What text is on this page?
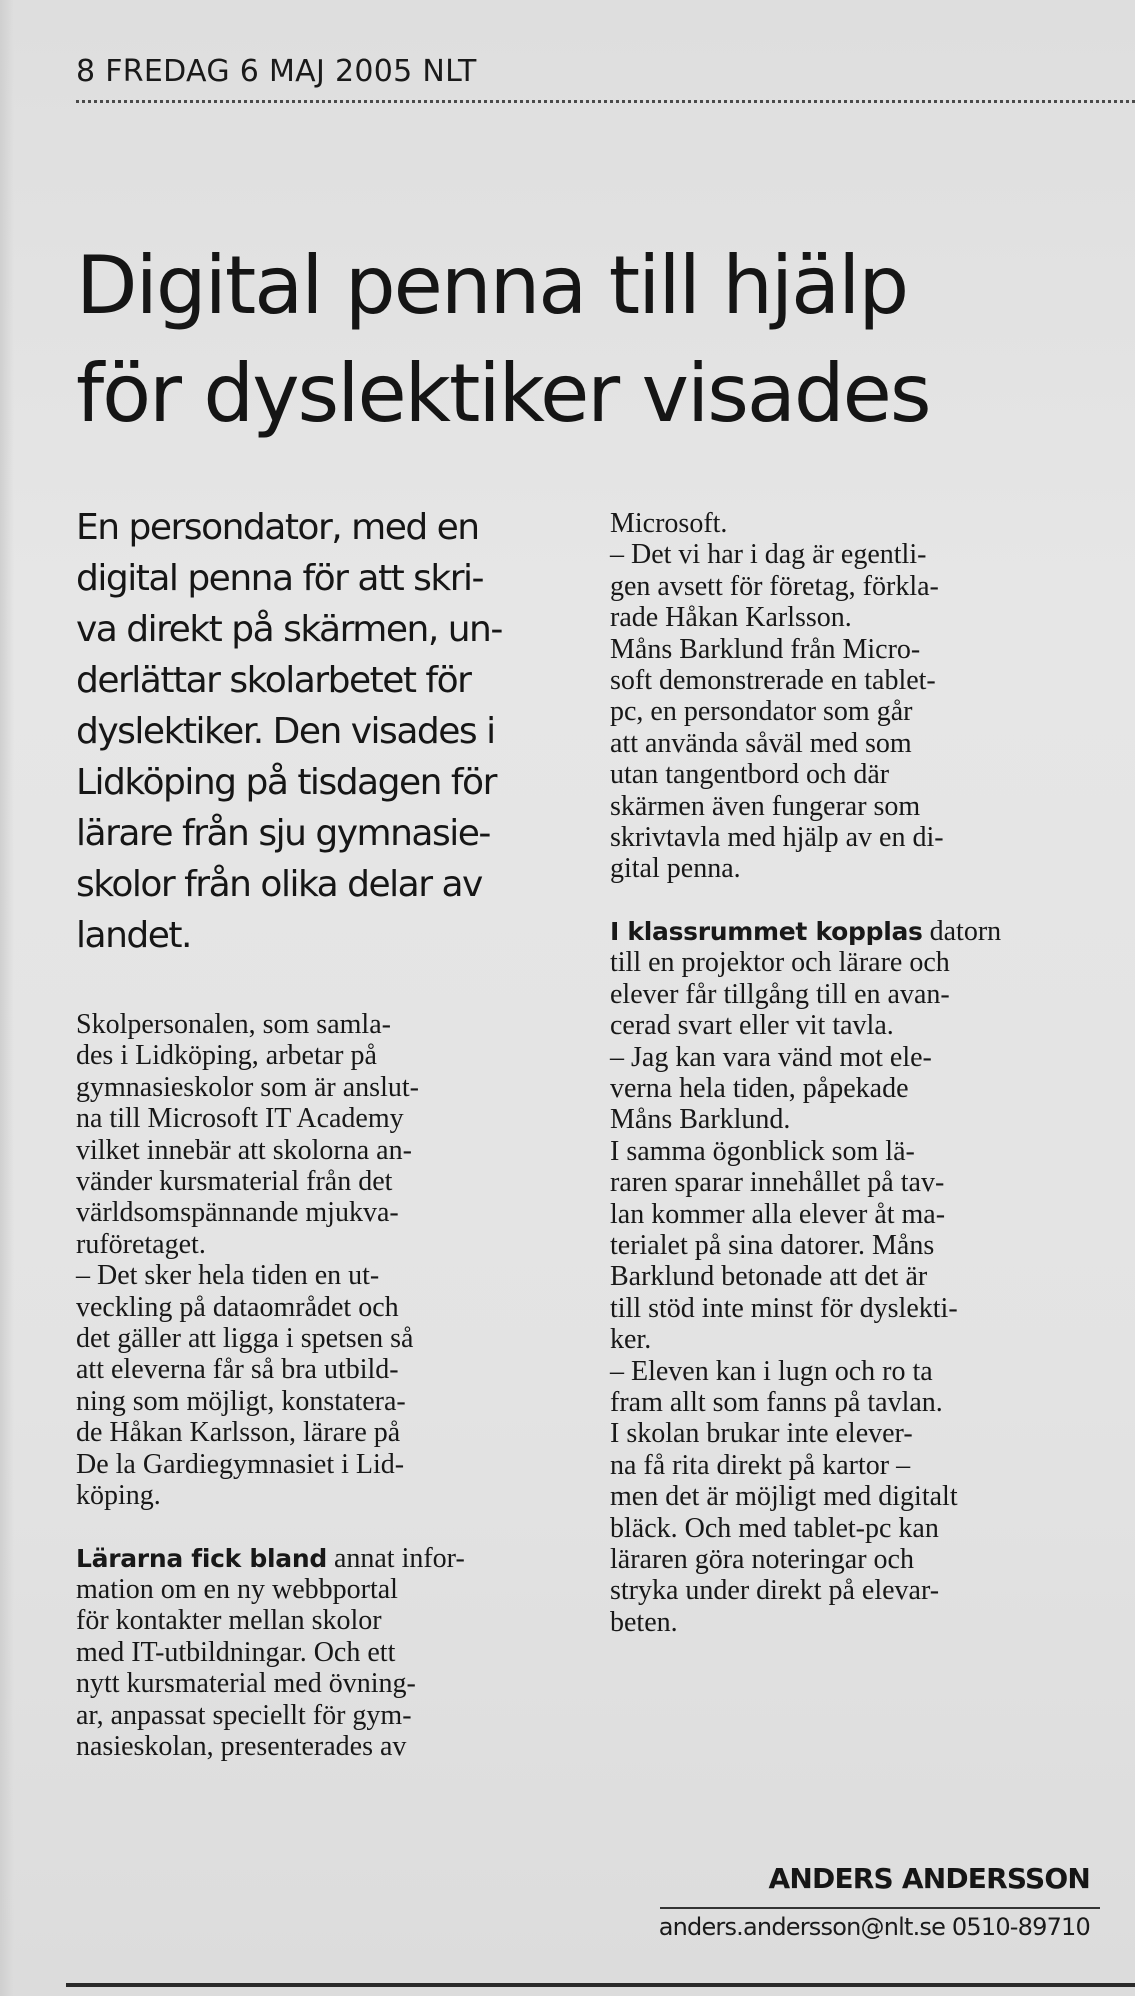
8 FREDAG 6 MAJ 2005 NLT
Digital penna till hjälp
för dyslektiker visades

En persondator, med en
digital penna för att skri-
va direkt på skärmen, un-
derlättar skolarbetet för
dyslektiker. Den visades i
Lidköping på tisdagen för
lärare från sju gymnasie-
skolor från olika delar av
landet.

Skolpersonalen, som samla-
des i Lidköping, arbetar på
gymnasieskolor som är anslut-
na till Microsoft IT Academy
vilket innebär att skolorna an-
vänder kursmaterial från det
världsomspännande mjukva-
ruföretaget.

– Det sker hela tiden en ut-
veckling på dataområdet och
det gäller att ligga i spetsen så
att eleverna får så bra utbild-
ning som möjligt, konstatera-
de Håkan Karlsson, lärare på
De la Gardiegymnasiet i Lid-
köping.

Lärarna fick bland annat infor-
mation om en ny webbportal
för kontakter mellan skolor
med IT-utbildningar. Och ett
nytt kursmaterial med övning-
ar, anpassat speciellt för gym-
nasieskolan, presenterades av

Microsoft.

– Det vi har i dag är egentli-
gen avsett för företag, förkla-
rade Håkan Karlsson.

Måns Barklund från Micro-
soft demonstrerade en tablet-
pc, en persondator som går
att använda såväl med som
utan tangentbord och där
skärmen även fungerar som
skrivtavla med hjälp av en di-
gital penna.

I klassrummet kopplas datorn
till en projektor och lärare och
elever får tillgång till en avan-
cerad svart eller vit tavla.

– Jag kan vara vänd mot ele-
verna hela tiden, påpekade
Måns Barklund.

I samma ögonblick som lä-
raren sparar innehållet på tav-
lan kommer alla elever åt ma-
terialet på sina datorer. Måns
Barklund betonade att det är
till stöd inte minst för dyslekti-
ker.

– Eleven kan i lugn och ro ta
fram allt som fanns på tavlan.

I skolan brukar inte elever-
na få rita direkt på kartor –
men det är möjligt med digitalt
bläck. Och med tablet-pc kan
läraren göra noteringar och
stryka under direkt på elevar-
beten.

ANDERS ANDERSSON
anders.andersson@nlt.se 0510-89710
